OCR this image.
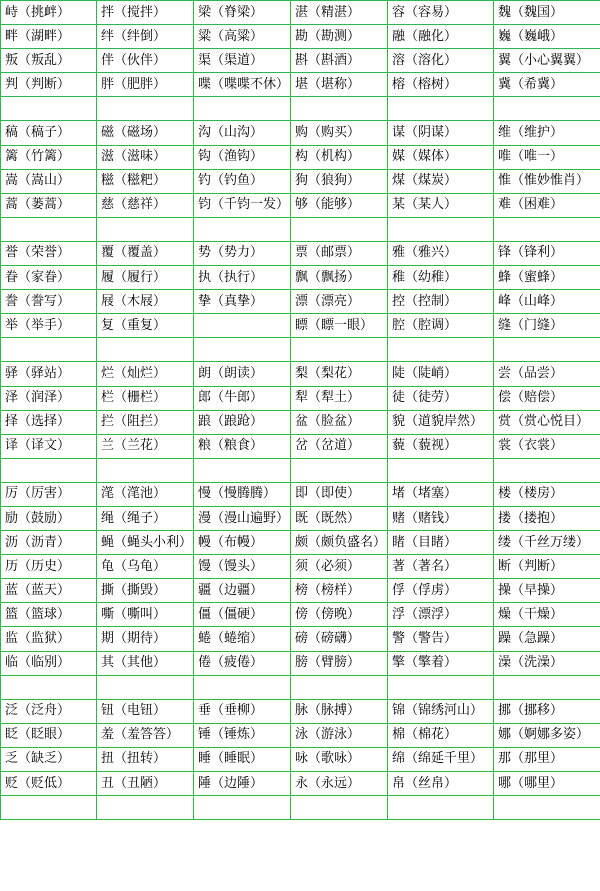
峙（挑衅）	拌（搅拌）	梁（脊梁）	湛（精湛）	容（容易）	魏（魏国）
畔（湖畔）	绊（绊倒）	粱（高粱）	勘（勘测）	融（融化）	巍（巍峨）
叛（叛乱）	伴（伙伴）	渠（渠道）	斟（斟酒）	溶（溶化）	翼（小心翼翼）
判（判断）	胖（肥胖）	喋（喋喋不休）	堪（堪称）	榕（榕树）	冀（希冀）

稿（稿子）	磁（磁场）	沟（山沟）	购（购买）	谋（阴谋）	维（维护）
篱（竹篱）	滋（滋味）	钩（渔钩）	构（机构）	媒（媒体）	唯（唯一）
嵩（嵩山）	糍（糍粑）	钓（钓鱼）	狗（狼狗）	煤（煤炭）	惟（惟妙惟肖）
蒿（蒌蒿）	慈（慈祥）	钧（千钧一发）	够（能够）	某（某人）	难（困难）

誉（荣誉）	覆（覆盖）	势（势力）	票（邮票）	雅（雅兴）	锋（锋利）
眷（家眷）	履（履行）	执（执行）	飘（飘扬）	稚（幼稚）	蜂（蜜蜂）
誊（誊写）	屐（木屐）	挚（真挚）	漂（漂亮）	控（控制）	峰（山峰）
举（举手）	复（重复）		瞟（瞟一眼）	腔（腔调）	缝（门缝）

驿（驿站）	烂（灿烂）	朗（朗读）	梨（梨花）	陡（陡峭）	尝（品尝）
泽（润泽）	栏（栅栏）	郎（牛郎）	犁（犁土）	徒（徒劳）	偿（赔偿）
择（选择）	拦（阻拦）	踉（踉跄）	盆（脸盆）	貌（道貌岸然）	赏（赏心悦目）
译（译文）	兰（兰花）	粮（粮食）	岔（岔道）	藐（藐视）	裳（衣裳）

厉（厉害）	滗（滗池）	慢（慢腾腾）	即（即使）	堵（堵塞）	楼（楼房）
励（鼓励）	绳（绳子）	漫（漫山遍野）	既（既然）	赌（赌钱）	搂（搂抱）
沥（沥青）	蝇（蝇头小利）	幔（布幔）	颇（颇负盛名）	睹（目睹）	缕（千丝万缕）
历（历史）	龟（乌龟）	馒（馒头）	须（必须）	著（著名）	断（判断）
蓝（蓝天）	撕（撕毁）	疆（边疆）	榜（榜样）	俘（俘虏）	操（早操）
篮（篮球）	嘶（嘶叫）	僵（僵硬）	傍（傍晚）	浮（漂浮）	燥（干燥）
监（监狱）	期（期待）	蜷（蜷缩）	磅（磅礴）	警（警告）	躁（急躁）
临（临别）	其（其他）	倦（疲倦）	膀（臂膀）	擎（擎着）	澡（洗澡）

泛（泛舟）	钮（电钮）	垂（垂柳）	脉（脉搏）	锦（锦绣河山）	挪（挪移）
眨（眨眼）	羞（羞答答）	锤（锤炼）	泳（游泳）	棉（棉花）	娜（婀娜多姿）
乏（缺乏）	扭（扭转）	睡（睡眠）	咏（歌咏）	绵（绵延千里）	那（那里）
贬（贬低）	丑（丑陋）	陲（边陲）	永（永远）	帛（丝帛）	哪（哪里）
